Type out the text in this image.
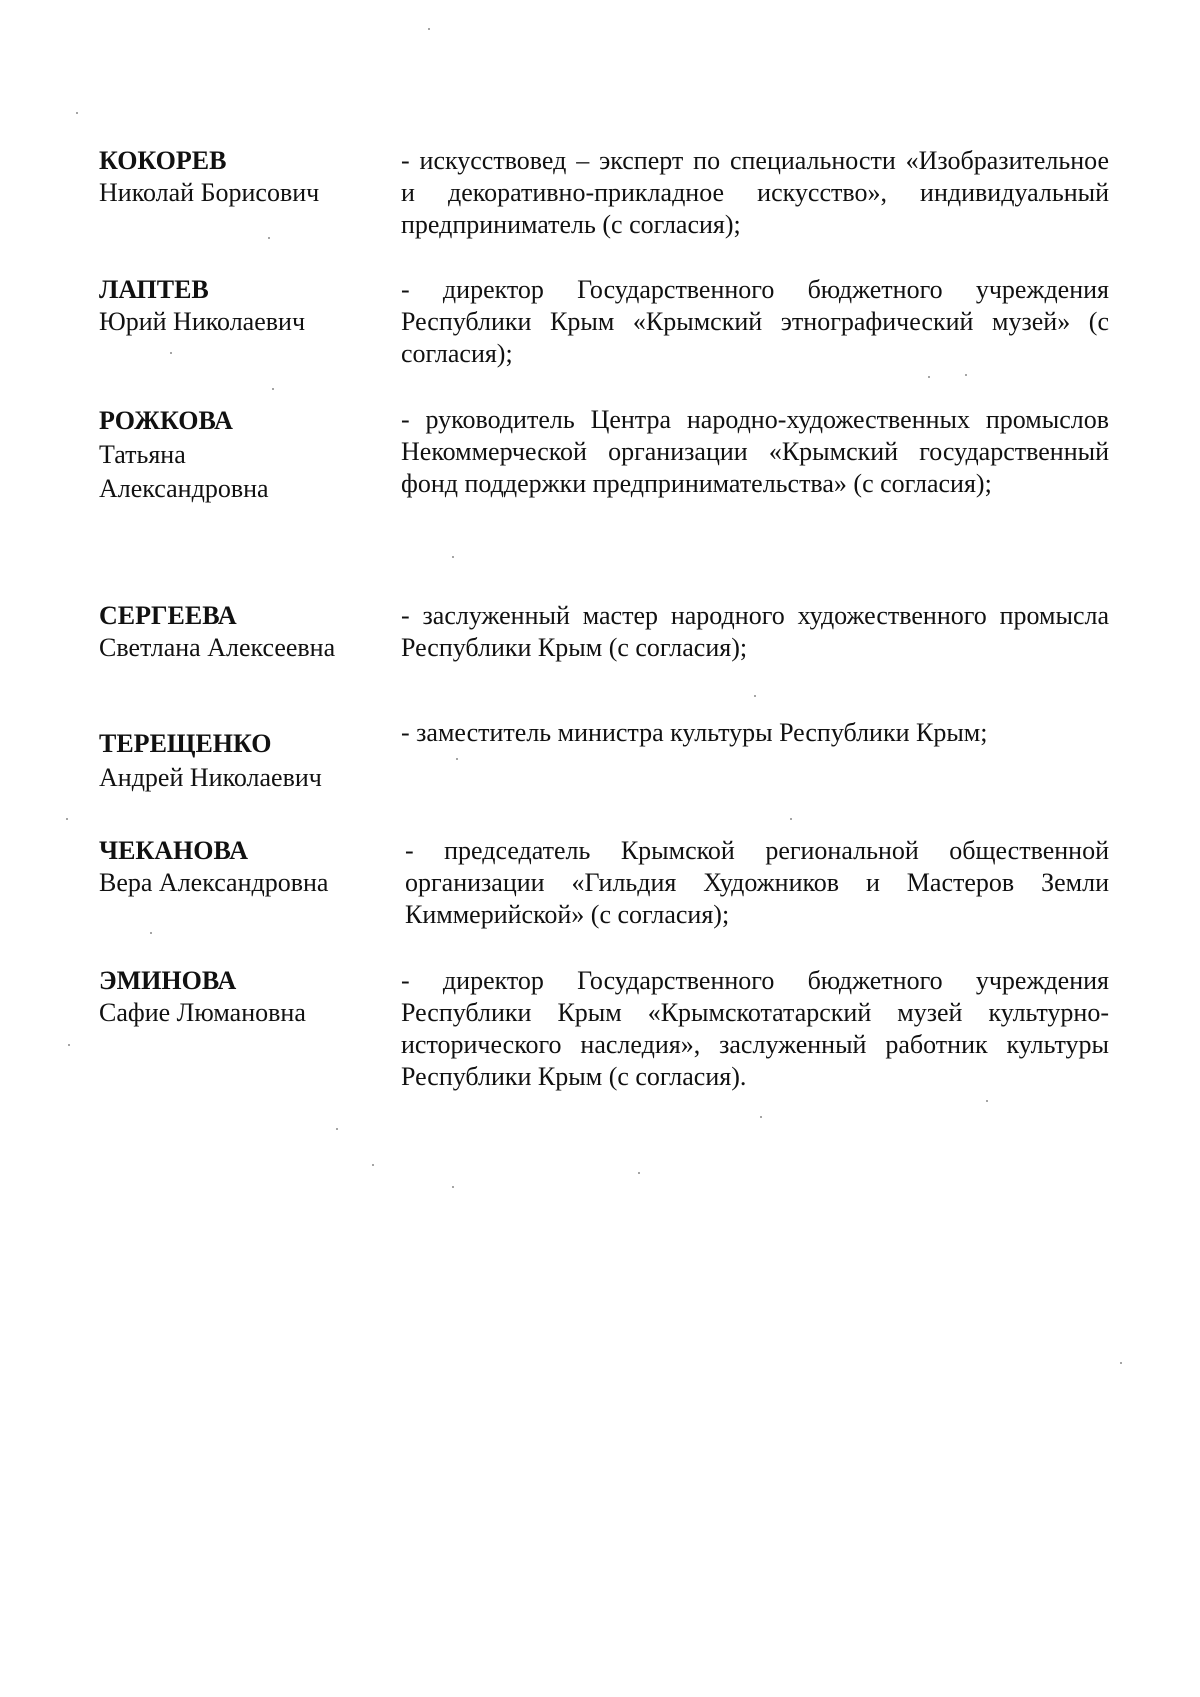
КОКОРЕВ
Николай Борисович
- искусствовед – эксперт по специальности «Изобразительное и декоративно-прикладное искусство», индивидуальный предприниматель (с согласия);
ЛАПТЕВ
Юрий Николаевич
- директор Государственного бюджетного учреждения Республики Крым «Крымский этнографический музей» (с согласия);
РОЖКОВА
Татьяна Александровна
- руководитель Центра народно-художественных промыслов Некоммерческой организации «Крымский государственный фонд поддержки предпринимательства» (с согласия);
СЕРГЕЕВА
Светлана Алексеевна
- заслуженный мастер народного художественного промысла Республики Крым (с согласия);
ТЕРЕЩЕНКО
Андрей Николаевич
- заместитель министра культуры Республики Крым;
ЧЕКАНОВА
Вера Александровна
- председатель Крымской региональной общественной организации «Гильдия Художников и Мастеров Земли Киммерийской» (с согласия);
ЭМИНОВА
Сафие Люмановна
- директор Государственного бюджетного учреждения Республики Крым «Крымскотатарский музей культурно-исторического наследия», заслуженный работник культуры Республики Крым (с согласия).
